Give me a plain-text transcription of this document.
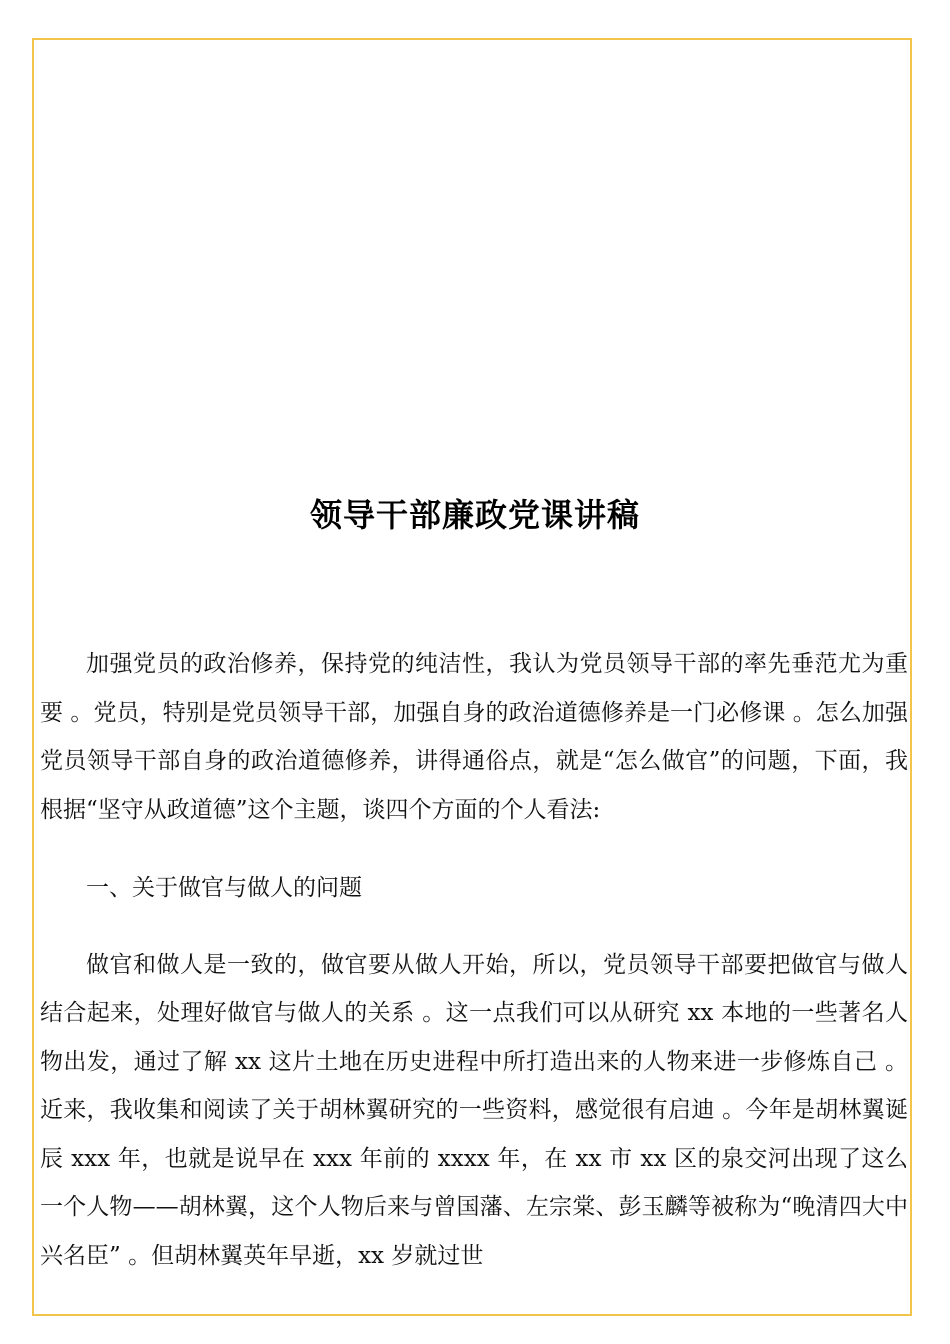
领导干部廉政党课讲稿

加强党员的政治修养，保持党的纯洁性，我认为党员领导干部的率先垂范尤为重要 。党员，特别是党员领导干部，加强自身的政治道德修养是一门必修课 。怎么加强党员领导干部自身的政治道德修养，讲得通俗点，就是“怎么做官”的问题，下面，我根据“坚守从政道德”这个主题，谈四个方面的个人看法:

一、关于做官与做人的问题

做官和做人是一致的，做官要从做人开始，所以，党员领导干部要把做官与做人结合起来，处理好做官与做人的关系 。这一点我们可以从研究 xx 本地的一些著名人物出发，通过了解 xx 这片土地在历史进程中所打造出来的人物来进一步修炼自己 。近来，我收集和阅读了关于胡林翼研究的一些资料，感觉很有启迪 。今年是胡林翼诞辰 xxx 年，也就是说早在 xxx 年前的 xxxx 年，在 xx 市 xx 区的泉交河出现了这么一个人物——胡林翼，这个人物后来与曾国藩、左宗棠、彭玉麟等被称为“晚清四大中兴名臣” 。但胡林翼英年早逝，xx 岁就过世
